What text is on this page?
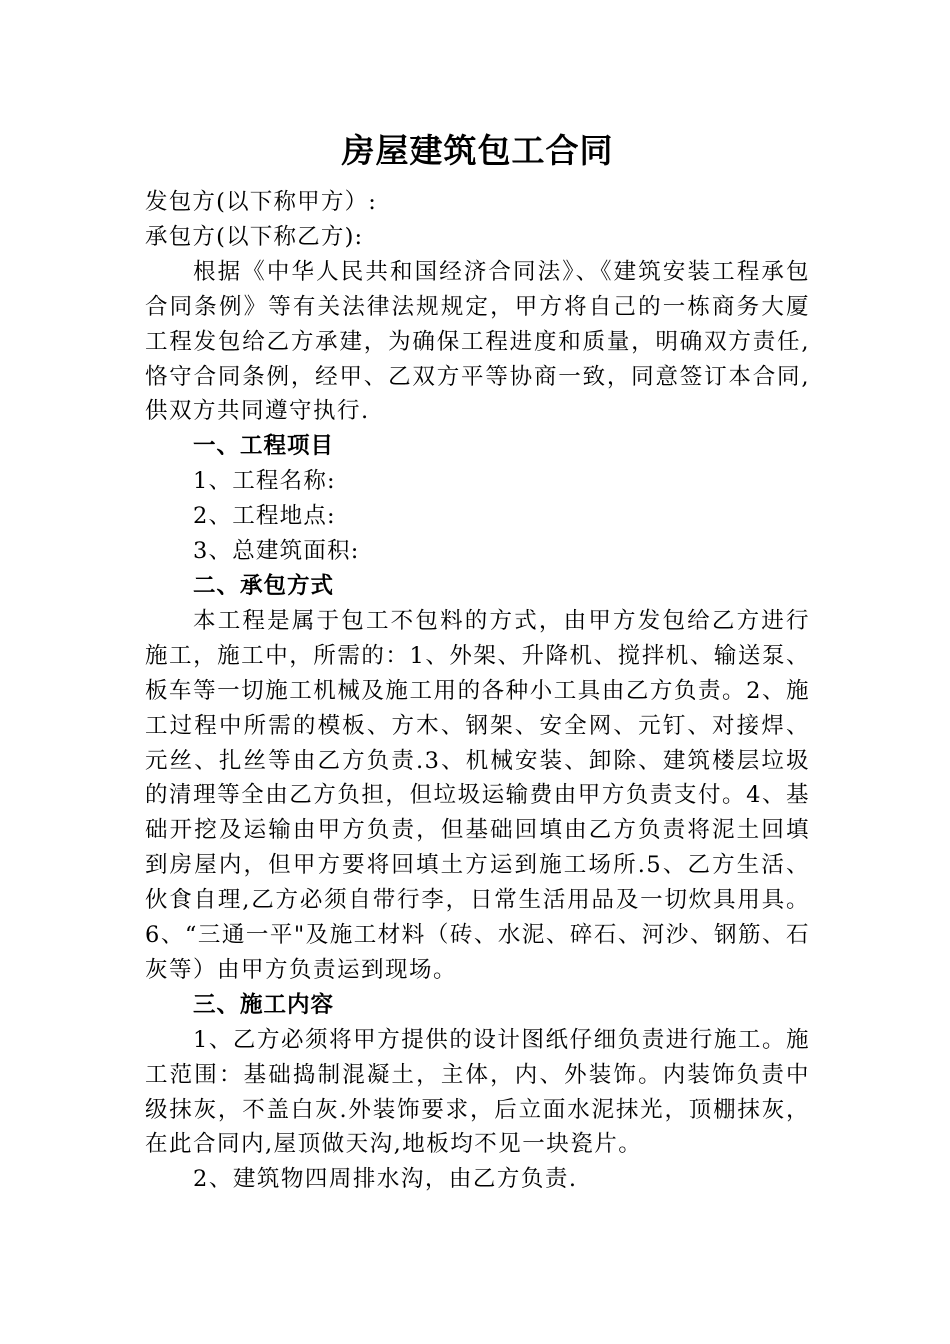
房屋建筑包工合同

发包方(以下称甲方）:

承包方(以下称乙方):

根据《中华人民共和国经济合同法》、《建筑安装工程承包合同条例》等有关法律法规规定，甲方将自己的一栋商务大厦工程发包给乙方承建，为确保工程进度和质量，明确双方责任,恪守合同条例，经甲、乙双方平等协商一致，同意签订本合同,供双方共同遵守执行.

一、工程项目

1、工程名称:

2、工程地点:

3、总建筑面积:

二、承包方式

本工程是属于包工不包料的方式，由甲方发包给乙方进行施工，施工中，所需的：1、外架、升降机、搅拌机、输送泵、板车等一切施工机械及施工用的各种小工具由乙方负责。2、施工过程中所需的模板、方木、钢架、安全网、元钉、对接焊、元丝、扎丝等由乙方负责.3、机械安装、卸除、建筑楼层垃圾的清理等全由乙方负担，但垃圾运输费由甲方负责支付。4、基础开挖及运输由甲方负责，但基础回填由乙方负责将泥土回填到房屋内，但甲方要将回填土方运到施工场所.5、乙方生活、伙食自理,乙方必须自带行李，日常生活用品及一切炊具用具。6、“三通一平"及施工材料（砖、水泥、碎石、河沙、钢筋、石灰等）由甲方负责运到现场。

三、施工内容

1、乙方必须将甲方提供的设计图纸仔细负责进行施工。施工范围：基础捣制混凝土，主体，内、外装饰。内装饰负责中级抹灰，不盖白灰.外装饰要求，后立面水泥抹光，顶棚抹灰，在此合同内,屋顶做天沟,地板均不见一块瓷片。

2、建筑物四周排水沟，由乙方负责.
